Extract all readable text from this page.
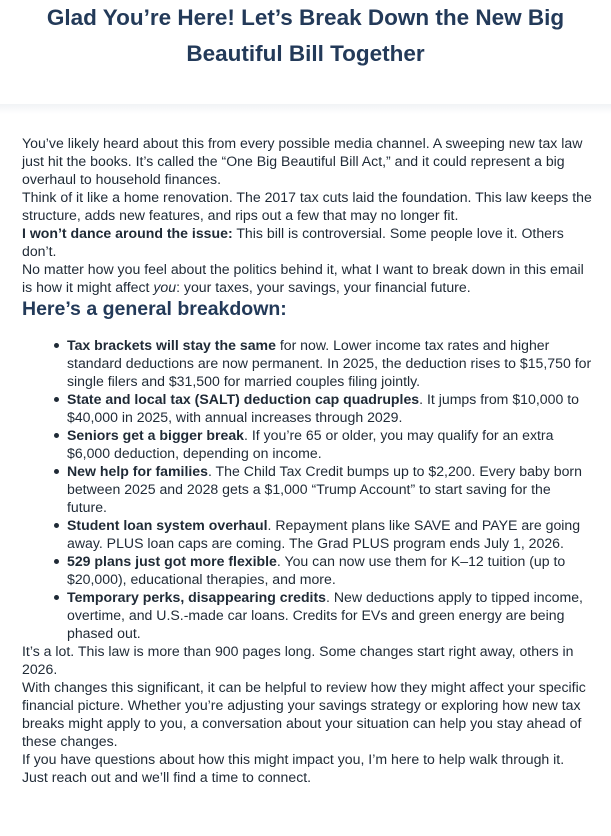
Glad You’re Here! Let’s Break Down the New Big Beautiful Bill Together

You’ve likely heard about this from every possible media channel. A sweeping new tax law just hit the books. It’s called the “One Big Beautiful Bill Act,” and it could represent a big overhaul to household finances.

Think of it like a home renovation. The 2017 tax cuts laid the foundation. This law keeps the structure, adds new features, and rips out a few that may no longer fit.

I won’t dance around the issue: This bill is controversial. Some people love it. Others don’t.

No matter how you feel about the politics behind it, what I want to break down in this email is how it might affect you: your taxes, your savings, your financial future.

Here’s a general breakdown:
Tax brackets will stay the same for now. Lower income tax rates and higher standard deductions are now permanent. In 2025, the deduction rises to $15,750 for single filers and $31,500 for married couples filing jointly.
State and local tax (SALT) deduction cap quadruples. It jumps from $10,000 to $40,000 in 2025, with annual increases through 2029.
Seniors get a bigger break. If you’re 65 or older, you may qualify for an extra $6,000 deduction, depending on income.
New help for families. The Child Tax Credit bumps up to $2,200. Every baby born between 2025 and 2028 gets a $1,000 “Trump Account” to start saving for the future.
Student loan system overhaul. Repayment plans like SAVE and PAYE are going away. PLUS loan caps are coming. The Grad PLUS program ends July 1, 2026.
529 plans just got more flexible. You can now use them for K–12 tuition (up to $20,000), educational therapies, and more.
Temporary perks, disappearing credits. New deductions apply to tipped income, overtime, and U.S.-made car loans. Credits for EVs and green energy are being phased out.

It’s a lot. This law is more than 900 pages long. Some changes start right away, others in 2026.

With changes this significant, it can be helpful to review how they might affect your specific financial picture. Whether you’re adjusting your savings strategy or exploring how new tax breaks might apply to you, a conversation about your situation can help you stay ahead of these changes.

If you have questions about how this might impact you, I’m here to help walk through it. Just reach out and we’ll find a time to connect.
